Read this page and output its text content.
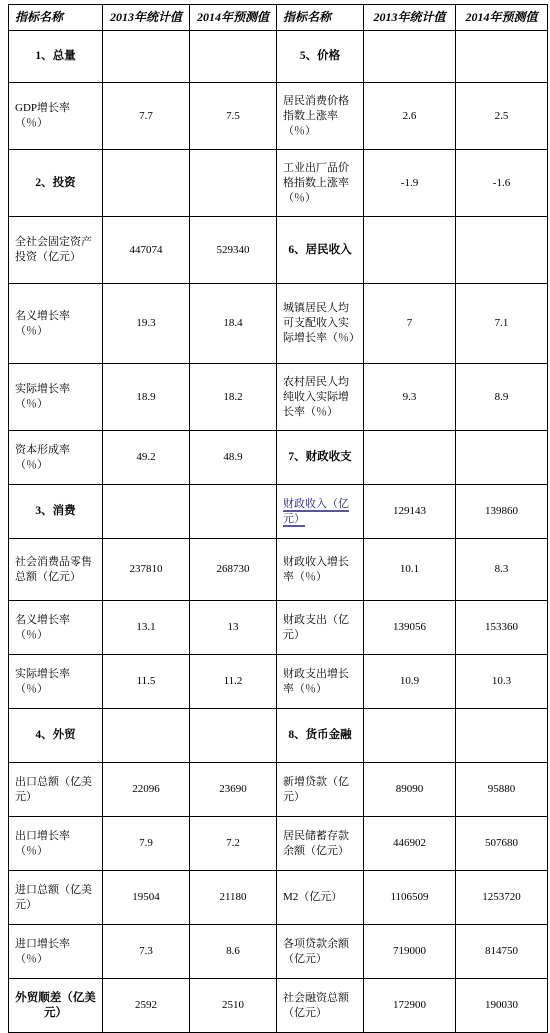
指标名称	2013年统计值	2014年预测值	指标名称	2013年统计值	2014年预测值
1、总量			5、价格		
GDP增长率（％）	7.7	7.5	居民消费价格指数上涨率（％）	2.6	2.5
2、投资			工业出厂品价格指数上涨率（％）	-1.9	-1.6
全社会固定资产投资（亿元）	447074	529340	6、居民收入		
名义增长率（％）	19.3	18.4	城镇居民人均可支配收入实际增长率（％）	7	7.1
实际增长率（％）	18.9	18.2	农村居民人均纯收入实际增长率（％）	9.3	8.9
资本形成率（％）	49.2	48.9	7、财政收支		
3、消费			财政收入（亿元）	129143	139860
社会消费品零售总额（亿元）	237810	268730	财政收入增长率（％）	10.1	8.3
名义增长率（％）	13.1	13	财政支出（亿元）	139056	153360
实际增长率（％）	11.5	11.2	财政支出增长率（％）	10.9	10.3
4、外贸			8、货币金融		
出口总额（亿美元）	22096	23690	新增贷款（亿元）	89090	95880
出口增长率（％）	7.9	7.2	居民储蓄存款余额（亿元）	446902	507680
进口总额（亿美元）	19504	21180	M2（亿元）	1106509	1253720
进口增长率（％）	7.3	8.6	各项贷款余额（亿元）	719000	814750
外贸顺差（亿美元）	2592	2510	社会融资总额（亿元）	172900	190030
